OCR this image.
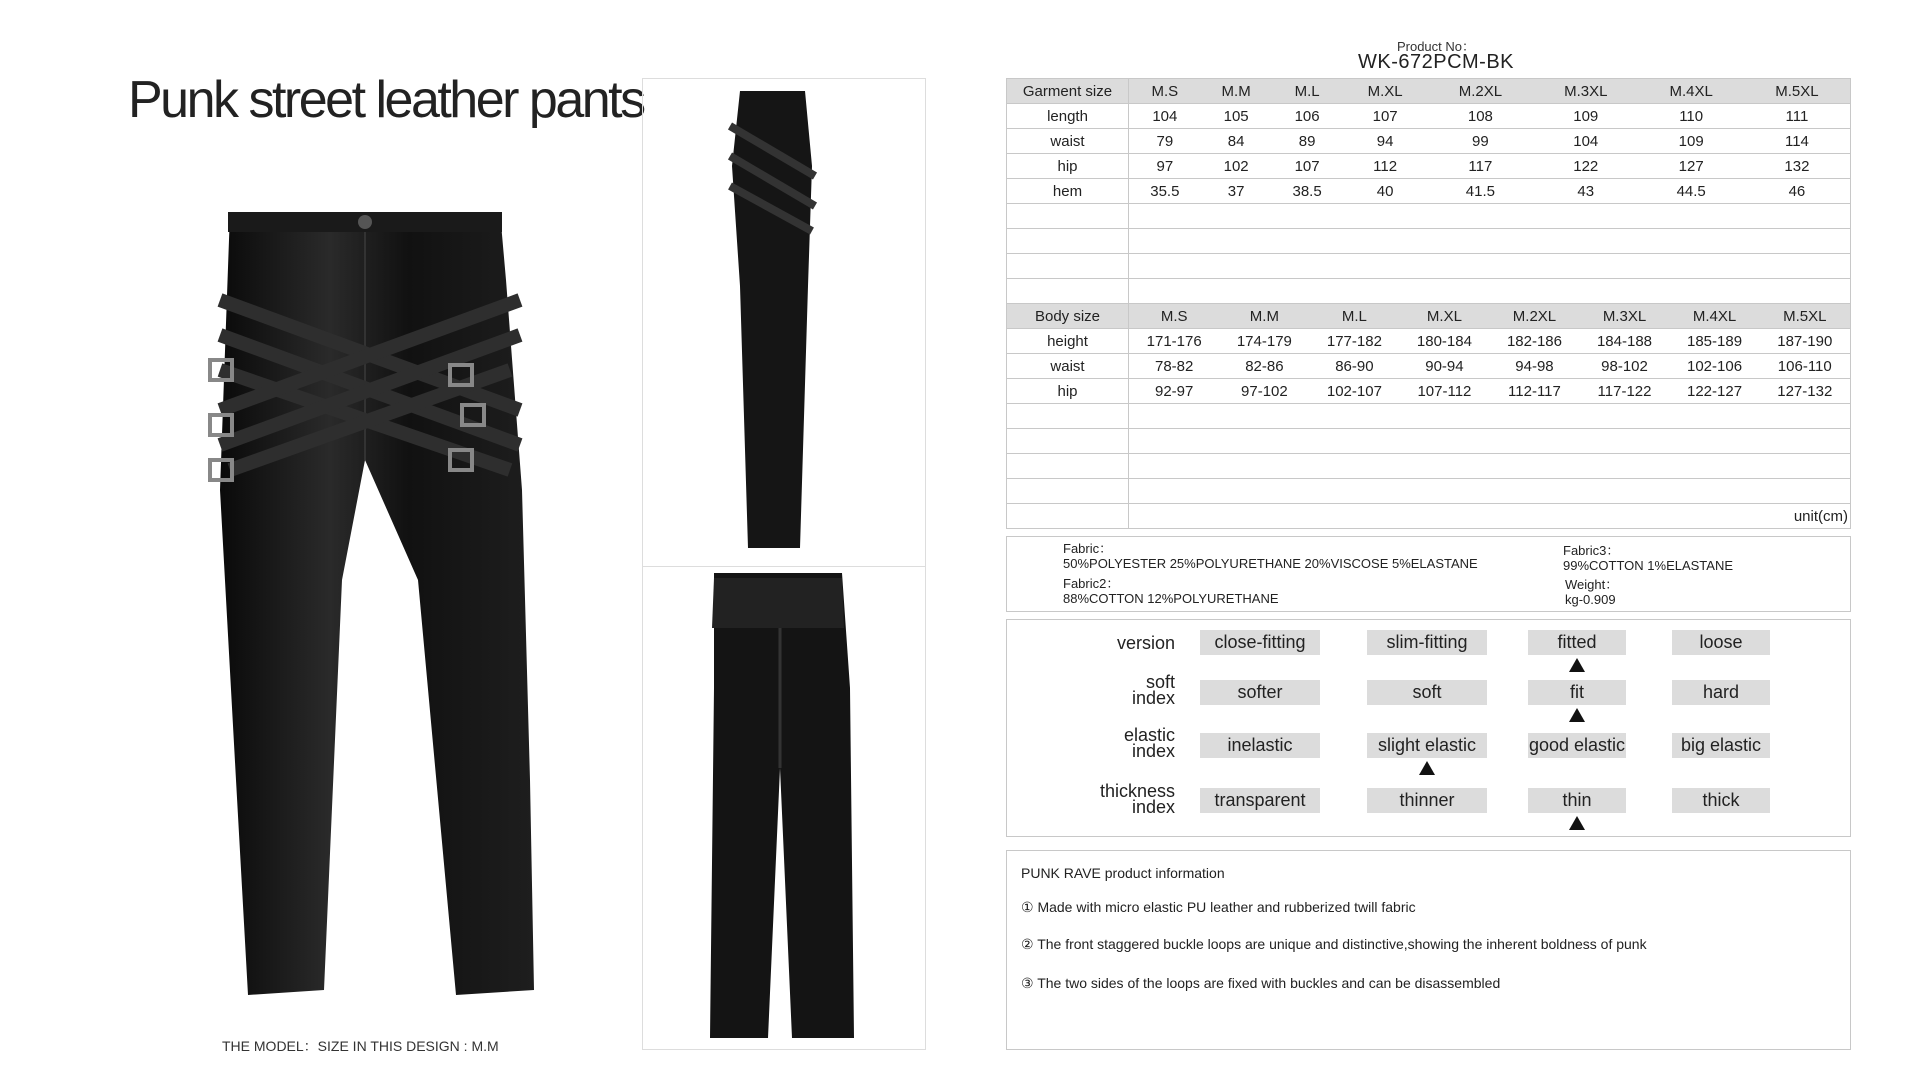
Punk street leather pants
THE MODEL：SIZE IN THIS DESIGN : M.M
Product No：
WK-672PCM-BK
Garment size	M.S	M.M	M.L	M.XL	M.2XL	M.3XL	M.4XL	M.5XL
length	104	105	106	107	108	109	110	111
waist	79	84	89	94	99	104	109	114
hip	97	102	107	112	117	122	127	132
hem	35.5	37	38.5	40	41.5	43	44.5	46

Body size	M.S	M.M	M.L	M.XL	M.2XL	M.3XL	M.4XL	M.5XL
height	171-176	174-179	177-182	180-184	182-186	184-188	185-189	187-190
waist	78-82	82-86	86-90	90-94	94-98	98-102	102-106	106-110
hip	92-97	97-102	102-107	107-112	112-117	117-122	122-127	127-132

	unit(cm)							
Fabric：
50%POLYESTER 25%POLYURETHANE 20%VISCOSE 5%ELASTANE
Fabric2：
88%COTTON 12%POLYURETHANE
Fabric3：
99%COTTON 1%ELASTANE
Weight：
kg-0.909
version	close-fitting	slim-fitting	fitted	loose
soft
index	softer	soft	fit	hard
elastic
index	inelastic	slight elastic	good elastic	big elastic
thickness
index	transparent	thinner	thin	thick
PUNK RAVE product information
① Made with micro elastic PU leather and rubberized twill fabric
② The front staggered buckle loops are unique and distinctive,showing the inherent boldness of punk
③ The two sides of the loops are fixed with buckles and can be disassembled
